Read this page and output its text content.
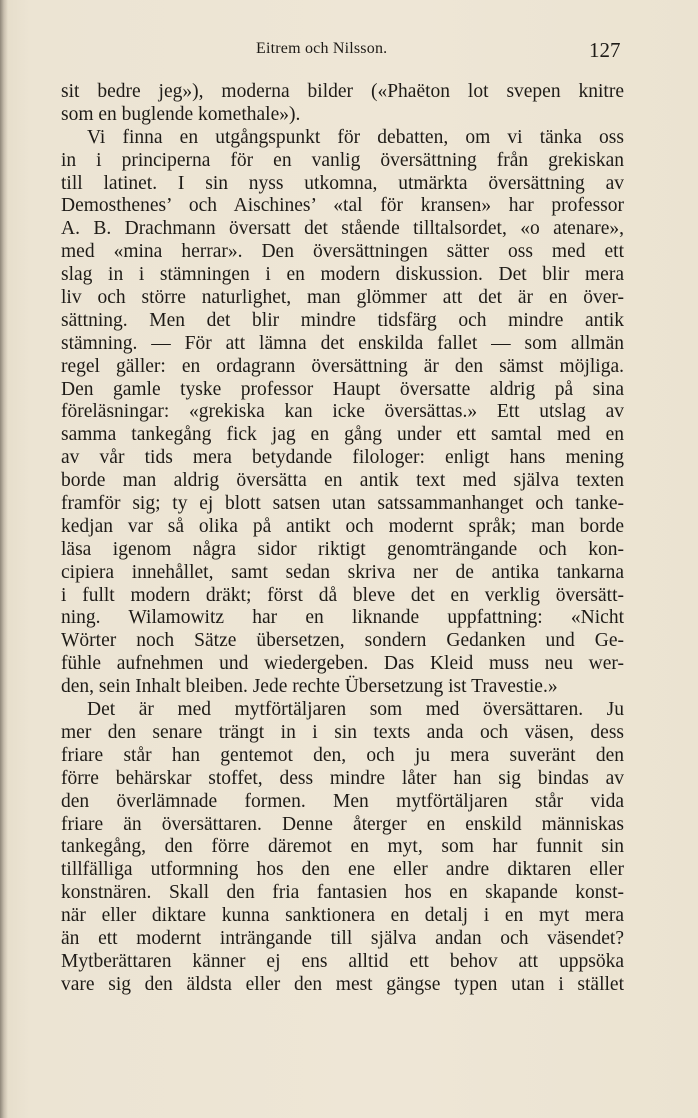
Eitrem och Nilsson.	127
sit bedre jeg»), moderna bilder («Phaëton lot svepen knitre
som en buglende komethale»).
Vi finna en utgångspunkt för debatten, om vi tänka oss
in i principerna för en vanlig översättning från grekiskan
till latinet. I sin nyss utkomna, utmärkta översättning av
Demosthenes’ och Aischines’ «tal för kransen» har professor
A. B. Drachmann översatt det stående tilltalsordet, «o atenare»,
med «mina herrar». Den översättningen sätter oss med ett
slag in i stämningen i en modern diskussion. Det blir mera
liv och större naturlighet, man glömmer att det är en över-
sättning. Men det blir mindre tidsfärg och mindre antik
stämning. — För att lämna det enskilda fallet — som allmän
regel gäller: en ordagrann översättning är den sämst möjliga.
Den gamle tyske professor Haupt översatte aldrig på sina
föreläsningar: «grekiska kan icke översättas.» Ett utslag av
samma tankegång fick jag en gång under ett samtal med en
av vår tids mera betydande filologer: enligt hans mening
borde man aldrig översätta en antik text med själva texten
framför sig; ty ej blott satsen utan satssammanhanget och tanke-
kedjan var så olika på antikt och modernt språk; man borde
läsa igenom några sidor riktigt genomträngande och kon-
cipiera innehållet, samt sedan skriva ner de antika tankarna
i fullt modern dräkt; först då bleve det en verklig översätt-
ning. Wilamowitz har en liknande uppfattning: «Nicht
Wörter noch Sätze übersetzen, sondern Gedanken und Ge-
fühle aufnehmen und wiedergeben. Das Kleid muss neu wer-
den, sein Inhalt bleiben. Jede rechte Übersetzung ist Travestie.»
Det är med mytförtäljaren som med översättaren. Ju
mer den senare trängt in i sin texts anda och väsen, dess
friare står han gentemot den, och ju mera suveränt den
förre behärskar stoffet, dess mindre låter han sig bindas av
den överlämnade formen. Men mytförtäljaren står vida
friare än översättaren. Denne återger en enskild människas
tankegång, den förre däremot en myt, som har funnit sin
tillfälliga utformning hos den ene eller andre diktaren eller
konstnären. Skall den fria fantasien hos en skapande konst-
när eller diktare kunna sanktionera en detalj i en myt mera
än ett modernt inträngande till själva andan och väsendet?
Mytberättaren känner ej ens alltid ett behov att uppsöka
vare sig den äldsta eller den mest gängse typen utan i stället
